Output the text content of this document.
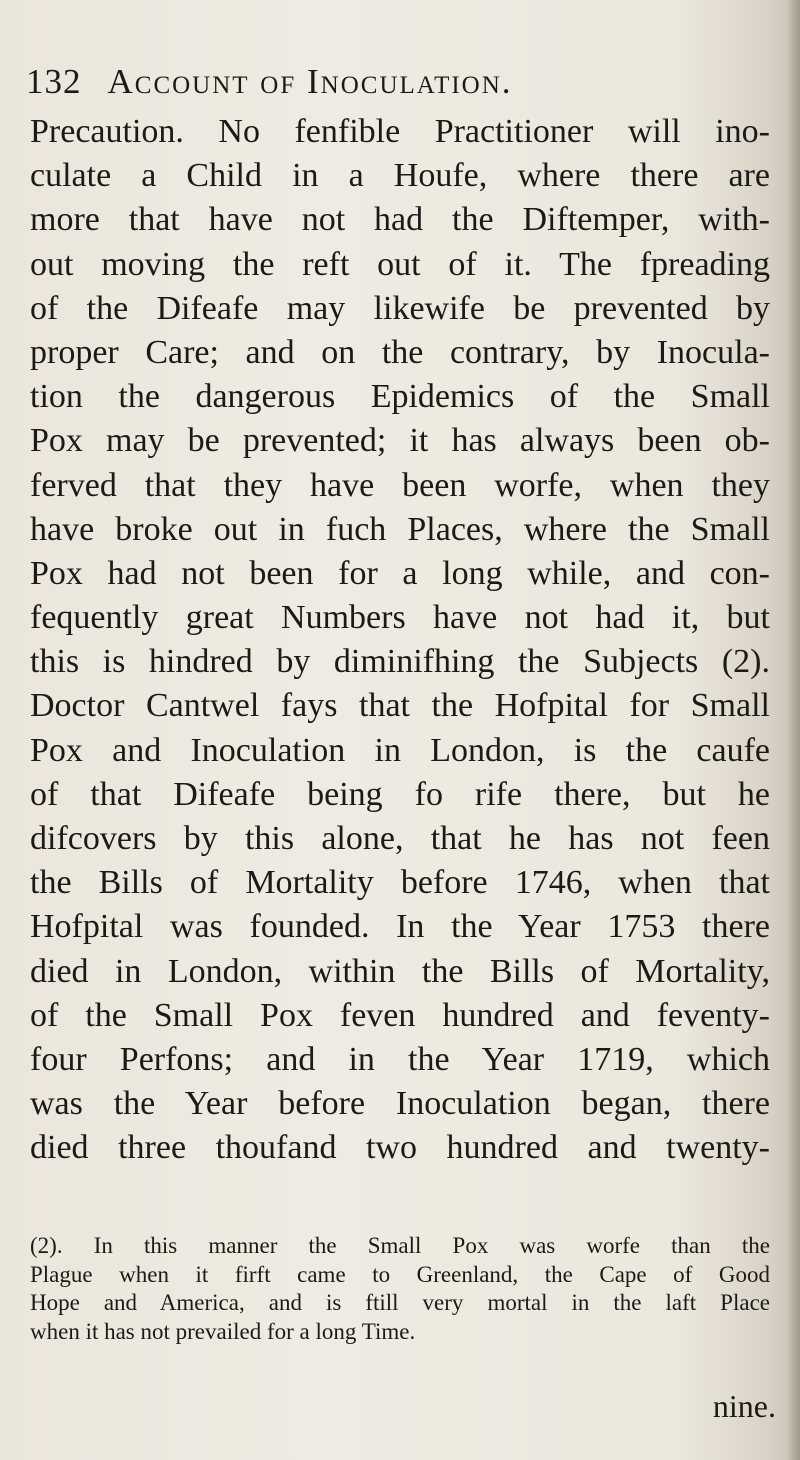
132 Account of Inoculation.
Precaution. No fenfible Practitioner will ino-
culate a Child in a Houfe, where there are
more that have not had the Diftemper, with-
out moving the reft out of it. The fpreading
of the Difeafe may likewife be prevented by
proper Care; and on the contrary, by Inocula-
tion the dangerous Epidemics of the Small
Pox may be prevented; it has always been ob-
ferved that they have been worfe, when they
have broke out in fuch Places, where the Small
Pox had not been for a long while, and con-
fequently great Numbers have not had it, but
this is hindred by diminifhing the Subjects (2).
Doctor Cantwel fays that the Hofpital for Small
Pox and Inoculation in London, is the caufe
of that Difeafe being fo rife there, but he
difcovers by this alone, that he has not feen
the Bills of Mortality before 1746, when that
Hofpital was founded. In the Year 1753 there
died in London, within the Bills of Mortality,
of the Small Pox feven hundred and feventy-
four Perfons; and in the Year 1719, which
was the Year before Inoculation began, there
died three thoufand two hundred and twenty-
(2). In this manner the Small Pox was worfe than the
Plague when it firft came to Greenland, the Cape of Good
Hope and America, and is ftill very mortal in the laft Place
when it has not prevailed for a long Time.
nine.
